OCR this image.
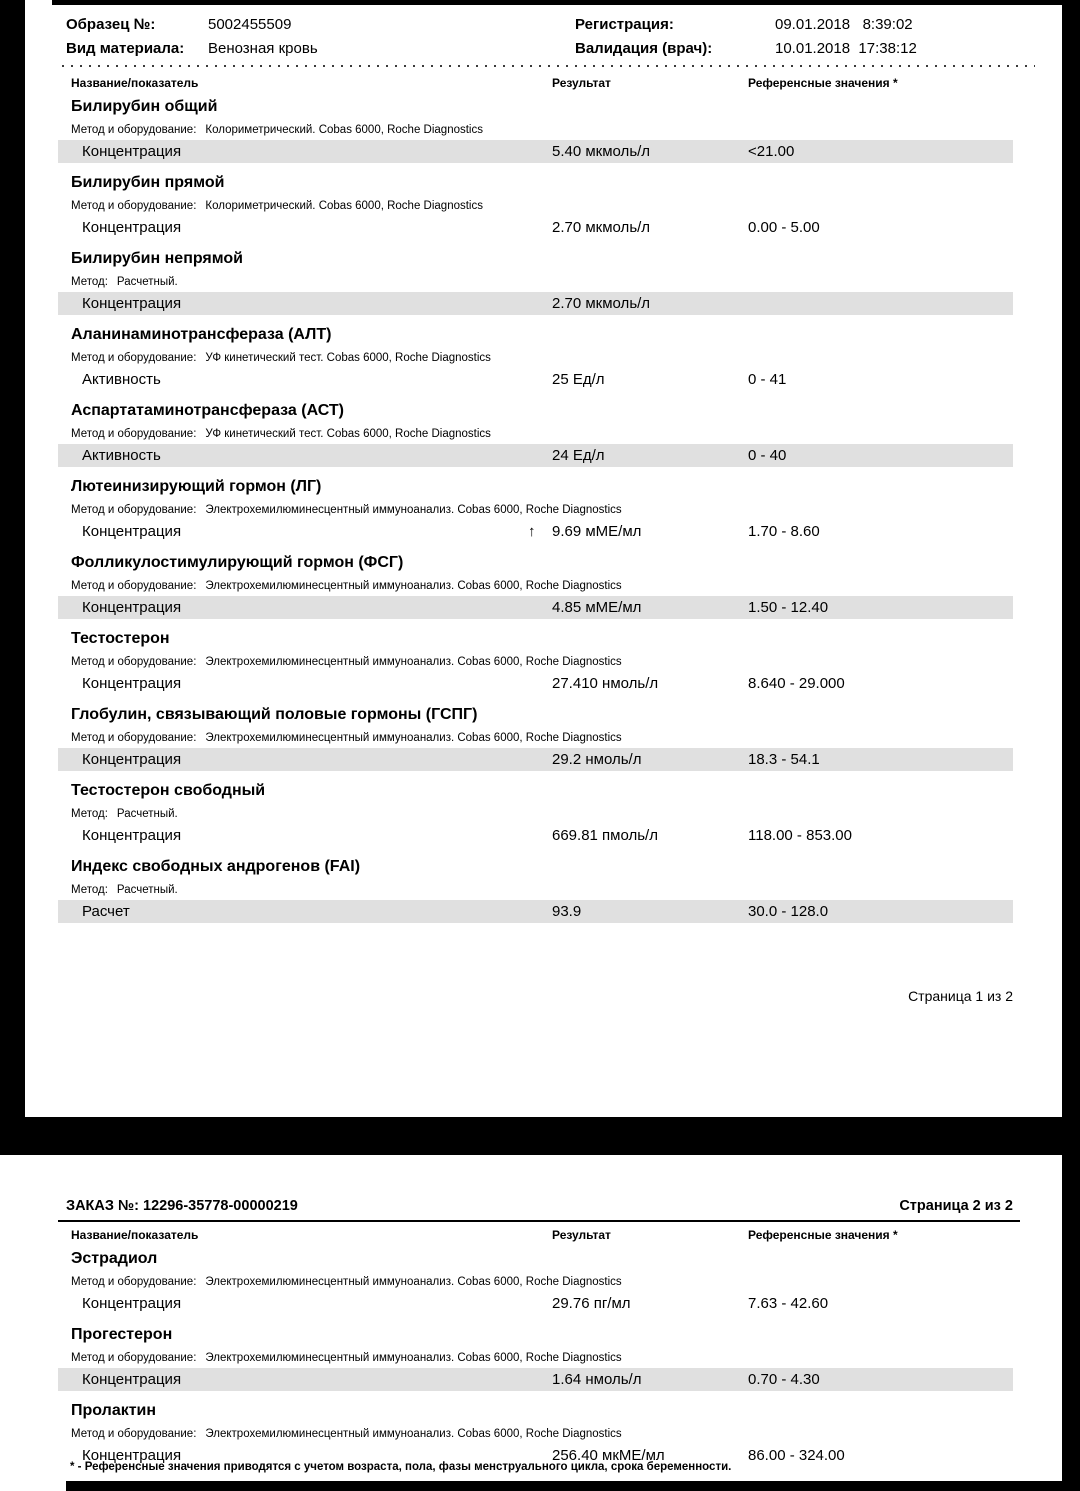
Образец №:	5002455509
Вид материала: Венозная кровь
Регистрация:	09.01.2018   8:39:02
Валидация (врач):	10.01.2018  17:38:12
Название/показатель	Результат	Референсные значения *
Билирубин общий
Метод и оборудование: Колориметрический. Cobas 6000, Roche Diagnostics
Концентрация	5.40 мкмоль/л	<21.00
Билирубин прямой
Метод и оборудование: Колориметрический. Cobas 6000, Roche Diagnostics
Концентрация	2.70 мкмоль/л	0.00 - 5.00
Билирубин непрямой
Метод: Расчетный.
Концентрация	2.70 мкмоль/л
Аланинаминотрансфераза (АЛТ)
Метод и оборудование: УФ кинетический тест. Cobas 6000, Roche Diagnostics
Активность	25 Ед/л	0 - 41
Аспартатаминотрансфераза (АСТ)
Метод и оборудование: УФ кинетический тест. Cobas 6000, Roche Diagnostics
Активность	24 Ед/л	0 - 40
Лютеинизирующий гормон (ЛГ)
Метод и оборудование: Электрохемилюминесцентный иммуноанализ. Cobas 6000, Roche Diagnostics
Концентрация	↑ 9.69 мМЕ/мл	1.70 - 8.60
Фолликулостимулирующий гормон (ФСГ)
Метод и оборудование: Электрохемилюминесцентный иммуноанализ. Cobas 6000, Roche Diagnostics
Концентрация	4.85 мМЕ/мл	1.50 - 12.40
Тестостерон
Метод и оборудование: Электрохемилюминесцентный иммуноанализ. Cobas 6000, Roche Diagnostics
Концентрация	27.410 нмоль/л	8.640 - 29.000
Глобулин, связывающий половые гормоны (ГСПГ)
Метод и оборудование: Электрохемилюминесцентный иммуноанализ. Cobas 6000, Roche Diagnostics
Концентрация	29.2 нмоль/л	18.3 - 54.1
Тестостерон свободный
Метод: Расчетный.
Концентрация	669.81 пмоль/л	118.00 - 853.00
Индекс свободных андрогенов (FAI)
Метод: Расчетный.
Расчет	93.9	30.0 - 128.0
Страница 1 из 2
Страница 2 из 2
ЗАКАЗ №: 12296-35778-00000219
Название/показатель	Результат	Референсные значения *
Эстрадиол
Метод и оборудование: Электрохемилюминесцентный иммуноанализ. Cobas 6000, Roche Diagnostics
Концентрация	29.76 пг/мл	7.63 - 42.60
Прогестерон
Метод и оборудование: Электрохемилюминесцентный иммуноанализ. Cobas 6000, Roche Diagnostics
Концентрация	1.64 нмоль/л	0.70 - 4.30
Пролактин
Метод и оборудование: Электрохемилюминесцентный иммуноанализ. Cobas 6000, Roche Diagnostics
Концентрация	256.40 мкМЕ/мл	86.00 - 324.00
* - Референсные значения приводятся с учетом возраста, пола, фазы менструального цикла, срока беременности.
